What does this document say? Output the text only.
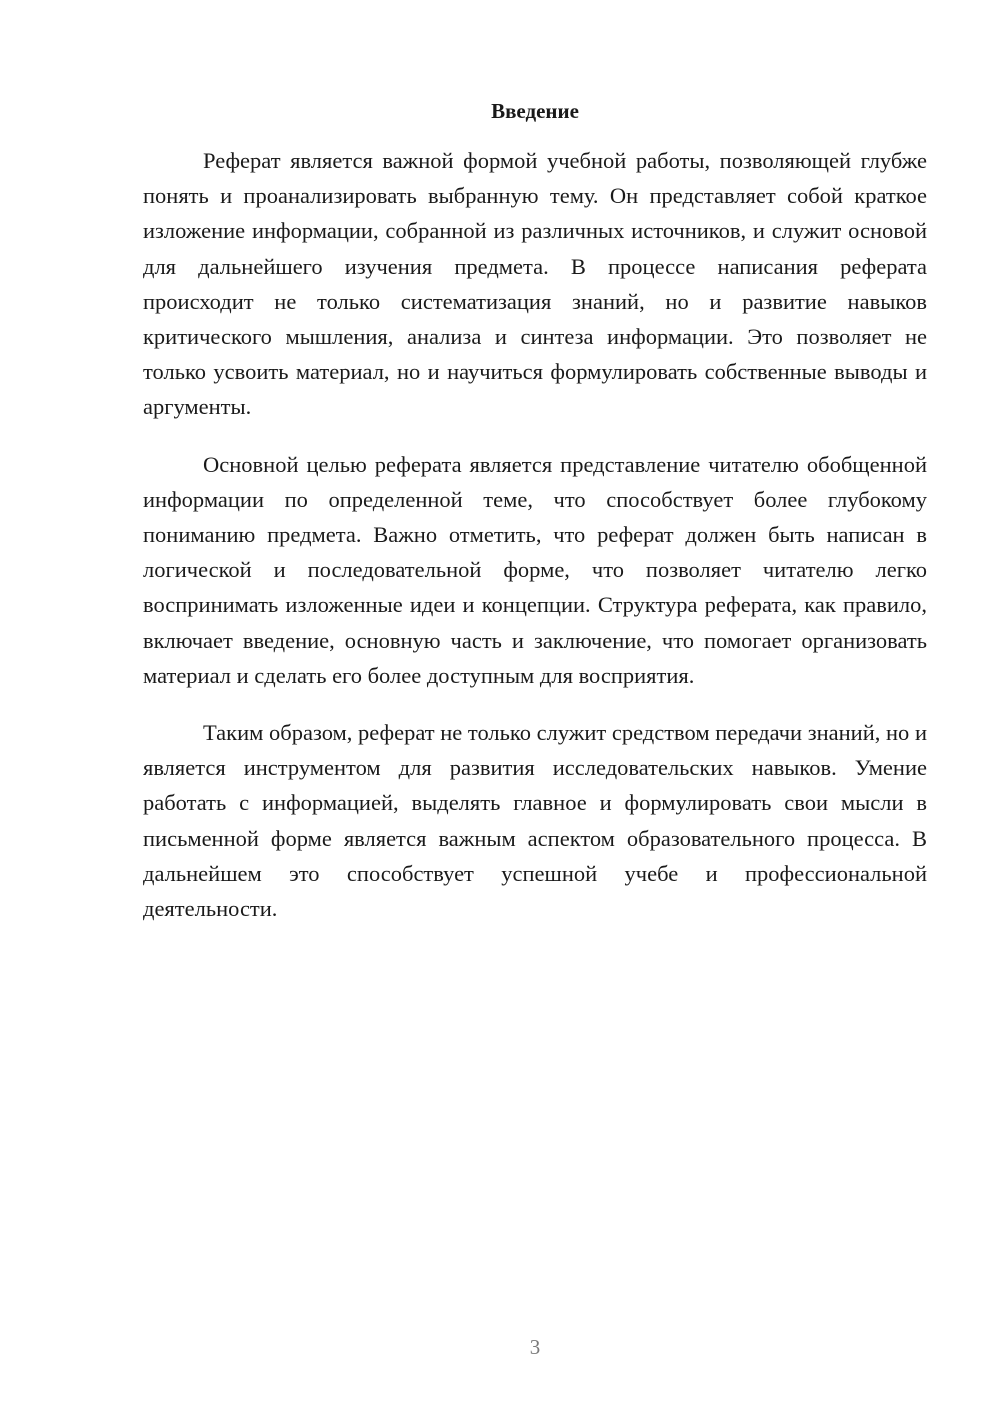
Введение

Реферат является важной формой учебной работы, позволяющей глубже понять и проанализировать выбранную тему. Он представляет собой краткое изложение информации, собранной из различных источников, и служит основой для дальнейшего изучения предмета. В процессе написания реферата происходит не только систематизация знаний, но и развитие навыков критического мышления, анализа и синтеза информации. Это позволяет не только усвоить материал, но и научиться формулировать собственные выводы и аргументы.

Основной целью реферата является представление читателю обобщенной информации по определенной теме, что способствует более глубокому пониманию предмета. Важно отметить, что реферат должен быть написан в логической и последовательной форме, что позволяет читателю легко воспринимать изложенные идеи и концепции. Структура реферата, как правило, включает введение, основную часть и заключение, что помогает организовать материал и сделать его более доступным для восприятия.

Таким образом, реферат не только служит средством передачи знаний, но и является инструментом для развития исследовательских навыков. Умение работать с информацией, выделять главное и формулировать свои мысли в письменной форме является важным аспектом образовательного процесса. В дальнейшем это способствует успешной учебе и профессиональной деятельности.

3
